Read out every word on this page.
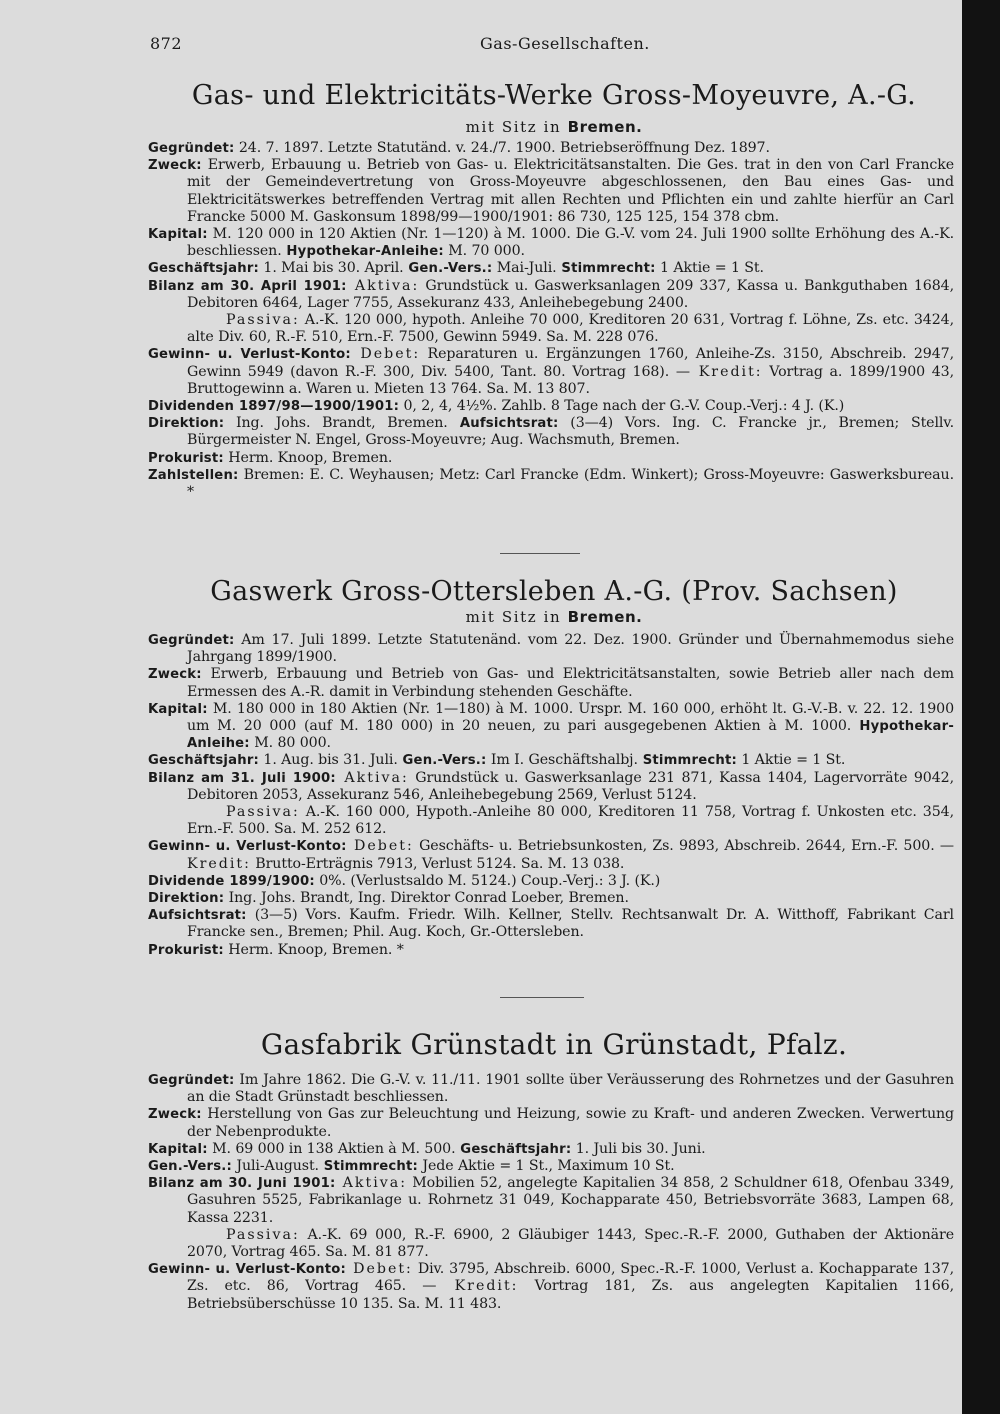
872	Gas-Gesellschaften.
Gas- und Elektricitäts-Werke Gross-Moyeuvre, A.-G.
mit Sitz in Bremen.

Gegründet: 24. 7. 1897. Letzte Statutänd. v. 24./7. 1900. Betriebseröffnung Dez. 1897.

Zweck: Erwerb, Erbauung u. Betrieb von Gas- u. Elektricitätsanstalten. Die Ges. trat in den von Carl Francke mit der Gemeindevertretung von Gross-Moyeuvre abgeschlossenen, den Bau eines Gas- und Elektricitätswerkes betreffenden Vertrag mit allen Rechten und Pflichten ein und zahlte hierfür an Carl Francke 5000 M. Gaskonsum 1898/99—1900/1901: 86 730, 125 125, 154 378 cbm.

Kapital: M. 120 000 in 120 Aktien (Nr. 1—120) à M. 1000. Die G.-V. vom 24. Juli 1900 sollte Erhöhung des A.-K. beschliessen. Hypothekar-Anleihe: M. 70 000.

Geschäftsjahr: 1. Mai bis 30. April. Gen.-Vers.: Mai-Juli. Stimmrecht: 1 Aktie = 1 St.

Bilanz am 30. April 1901: Aktiva: Grundstück u. Gaswerksanlagen 209 337, Kassa u. Bankguthaben 1684, Debitoren 6464, Lager 7755, Assekuranz 433, Anleihebegebung 2400.

Passiva: A.-K. 120 000, hypoth. Anleihe 70 000, Kreditoren 20 631, Vortrag f. Löhne, Zs. etc. 3424, alte Div. 60, R.-F. 510, Ern.-F. 7500, Gewinn 5949. Sa. M. 228 076.

Gewinn- u. Verlust-Konto: Debet: Reparaturen u. Ergänzungen 1760, Anleihe-Zs. 3150, Abschreib. 2947, Gewinn 5949 (davon R.-F. 300, Div. 5400, Tant. 80. Vortrag 168). — Kredit: Vortrag a. 1899/1900 43, Bruttogewinn a. Waren u. Mieten 13 764. Sa. M. 13 807.

Dividenden 1897/98—1900/1901: 0, 2, 4, 4½%. Zahlb. 8 Tage nach der G.-V. Coup.-Verj.: 4 J. (K.)

Direktion: Ing. Johs. Brandt, Bremen. Aufsichtsrat: (3—4) Vors. Ing. C. Francke jr., Bremen; Stellv. Bürgermeister N. Engel, Gross-Moyeuvre; Aug. Wachsmuth, Bremen.

Prokurist: Herm. Knoop, Bremen.

Zahlstellen: Bremen: E. C. Weyhausen; Metz: Carl Francke (Edm. Winkert); Gross-Moyeuvre: Gaswerksbureau. *

Gaswerk Gross-Ottersleben A.-G. (Prov. Sachsen)
mit Sitz in Bremen.

Gegründet: Am 17. Juli 1899. Letzte Statutenänd. vom 22. Dez. 1900. Gründer und Übernahmemodus siehe Jahrgang 1899/1900.

Zweck: Erwerb, Erbauung und Betrieb von Gas- und Elektricitätsanstalten, sowie Betrieb aller nach dem Ermessen des A.-R. damit in Verbindung stehenden Geschäfte.

Kapital: M. 180 000 in 180 Aktien (Nr. 1—180) à M. 1000. Urspr. M. 160 000, erhöht lt. G.-V.-B. v. 22. 12. 1900 um M. 20 000 (auf M. 180 000) in 20 neuen, zu pari ausgegebenen Aktien à M. 1000. Hypothekar-Anleihe: M. 80 000.

Geschäftsjahr: 1. Aug. bis 31. Juli. Gen.-Vers.: Im I. Geschäftshalbj. Stimmrecht: 1 Aktie = 1 St.

Bilanz am 31. Juli 1900: Aktiva: Grundstück u. Gaswerksanlage 231 871, Kassa 1404, Lagervorräte 9042, Debitoren 2053, Assekuranz 546, Anleihebegebung 2569, Verlust 5124.

Passiva: A.-K. 160 000, Hypoth.-Anleihe 80 000, Kreditoren 11 758, Vortrag f. Unkosten etc. 354, Ern.-F. 500. Sa. M. 252 612.

Gewinn- u. Verlust-Konto: Debet: Geschäfts- u. Betriebsunkosten, Zs. 9893, Abschreib. 2644, Ern.-F. 500. — Kredit: Brutto-Erträgnis 7913, Verlust 5124. Sa. M. 13 038.

Dividende 1899/1900: 0%. (Verlustsaldo M. 5124.) Coup.-Verj.: 3 J. (K.)

Direktion: Ing. Johs. Brandt, Ing. Direktor Conrad Loeber, Bremen.

Aufsichtsrat: (3—5) Vors. Kaufm. Friedr. Wilh. Kellner, Stellv. Rechtsanwalt Dr. A. Witthoff, Fabrikant Carl Francke sen., Bremen; Phil. Aug. Koch, Gr.-Ottersleben.

Prokurist: Herm. Knoop, Bremen. *

Gasfabrik Grünstadt in Grünstadt, Pfalz.

Gegründet: Im Jahre 1862. Die G.-V. v. 11./11. 1901 sollte über Veräusserung des Rohrnetzes und der Gasuhren an die Stadt Grünstadt beschliessen.

Zweck: Herstellung von Gas zur Beleuchtung und Heizung, sowie zu Kraft- und anderen Zwecken. Verwertung der Nebenprodukte.

Kapital: M. 69 000 in 138 Aktien à M. 500. Geschäftsjahr: 1. Juli bis 30. Juni.

Gen.-Vers.: Juli-August. Stimmrecht: Jede Aktie = 1 St., Maximum 10 St.

Bilanz am 30. Juni 1901: Aktiva: Mobilien 52, angelegte Kapitalien 34 858, 2 Schuldner 618, Ofenbau 3349, Gasuhren 5525, Fabrikanlage u. Rohrnetz 31 049, Kochapparate 450, Betriebsvorräte 3683, Lampen 68, Kassa 2231.

Passiva: A.-K. 69 000, R.-F. 6900, 2 Gläubiger 1443, Spec.-R.-F. 2000, Guthaben der Aktionäre 2070, Vortrag 465. Sa. M. 81 877.

Gewinn- u. Verlust-Konto: Debet: Div. 3795, Abschreib. 6000, Spec.-R.-F. 1000, Verlust a. Kochapparate 137, Zs. etc. 86, Vortrag 465. — Kredit: Vortrag 181, Zs. aus angelegten Kapitalien 1166, Betriebsüberschüsse 10 135. Sa. M. 11 483.
